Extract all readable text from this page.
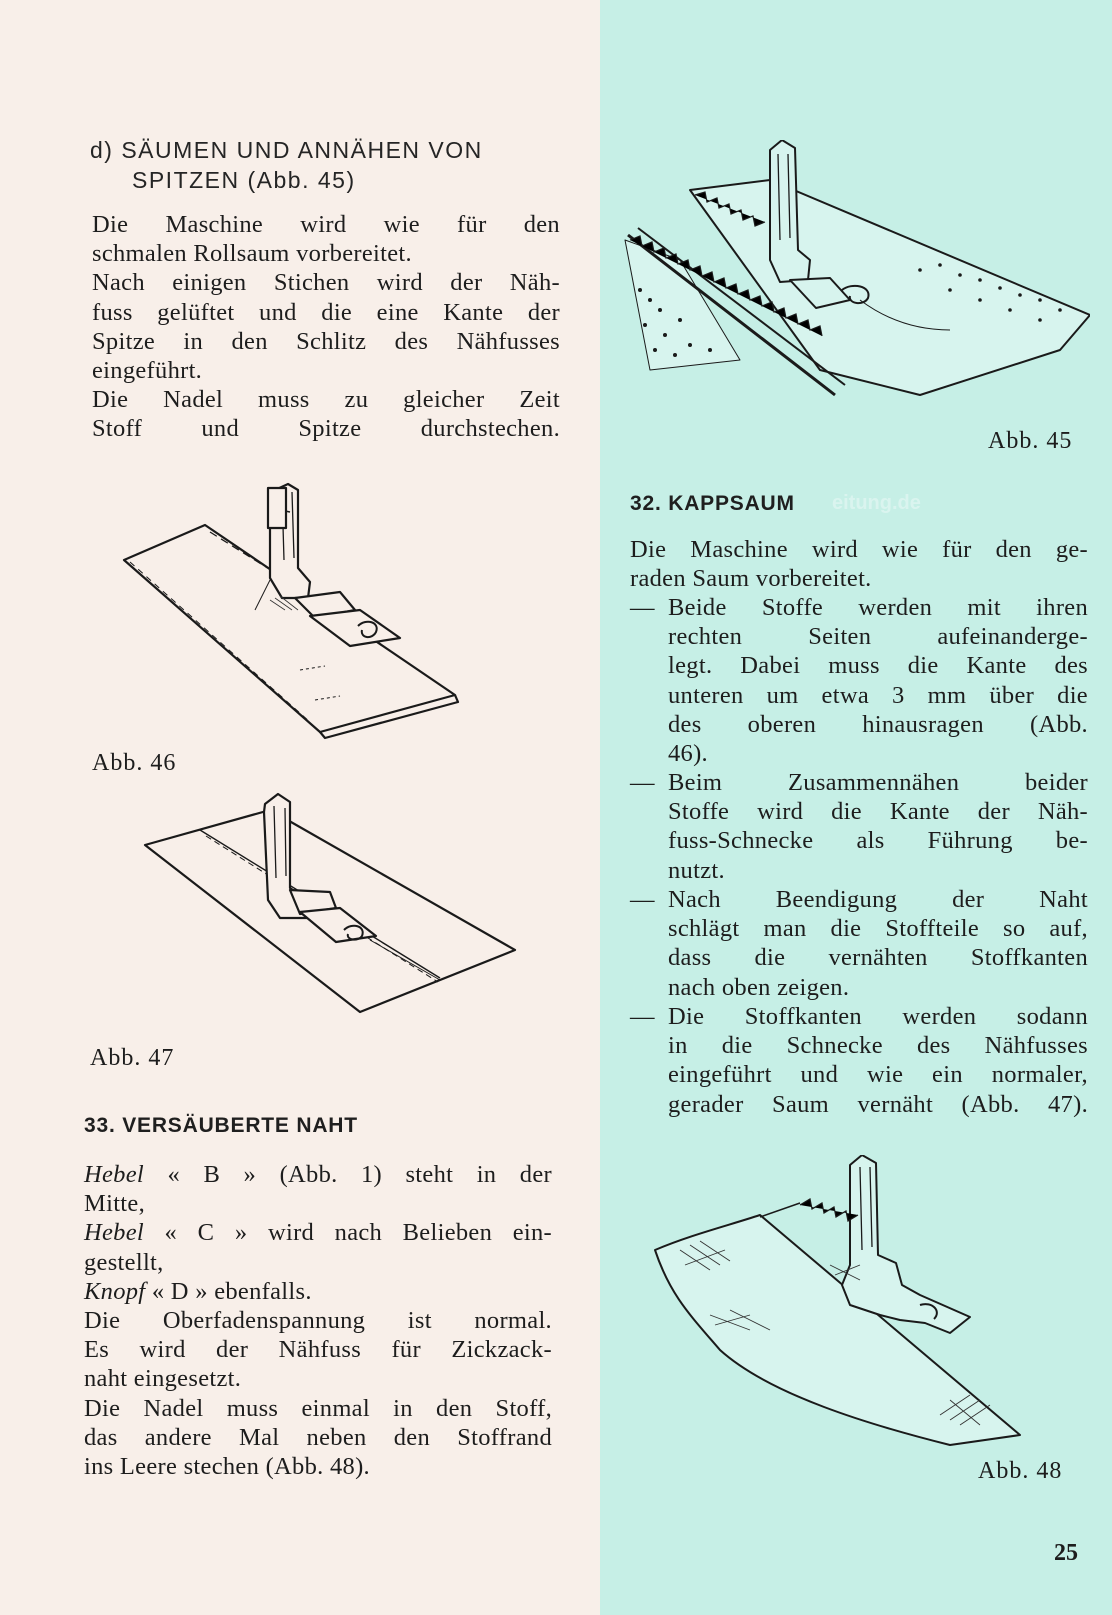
d) SÄUMEN UND ANNÄHEN VON
SPITZEN (Abb. 45)
Die Maschine wird wie für den
schmalen Rollsaum vorbereitet.
Nach einigen Stichen wird der Näh-
fuss gelüftet und die eine Kante der
Spitze in den Schlitz des Nähfusses
eingeführt.
Die Nadel muss zu gleicher Zeit
Stoff und Spitze durchstechen.
Abb. 46
Abb. 47
33. VERSÄUBERTE NAHT
Hebel « B » (Abb. 1) steht in der
Mitte,
Hebel « C » wird nach Belieben ein-
gestellt,
Knopf « D » ebenfalls.
Die Oberfadenspannung ist normal.
Es wird der Nähfuss für Zickzack-
naht eingesetzt.
Die Nadel muss einmal in den Stoff,
das andere Mal neben den Stoffrand
ins Leere stechen (Abb. 48).
Abb. 45
32. KAPPSAUM eitung.de
Die Maschine wird wie für den ge-
raden Saum vorbereitet.
— Beide Stoffe werden mit ihren
rechten Seiten aufeinanderge-
legt. Dabei muss die Kante des
unteren um etwa 3 mm über die
des oberen hinausragen (Abb.
46).
— Beim Zusammennähen beider
Stoffe wird die Kante der Näh-
fuss-Schnecke als Führung be-
nutzt.
— Nach Beendigung der Naht
schlägt man die Stoffteile so auf,
dass die vernähten Stoffkanten
nach oben zeigen.
— Die Stoffkanten werden sodann
in die Schnecke des Nähfusses
eingeführt und wie ein normaler,
gerader Saum vernäht (Abb. 47).
Abb. 48
25
